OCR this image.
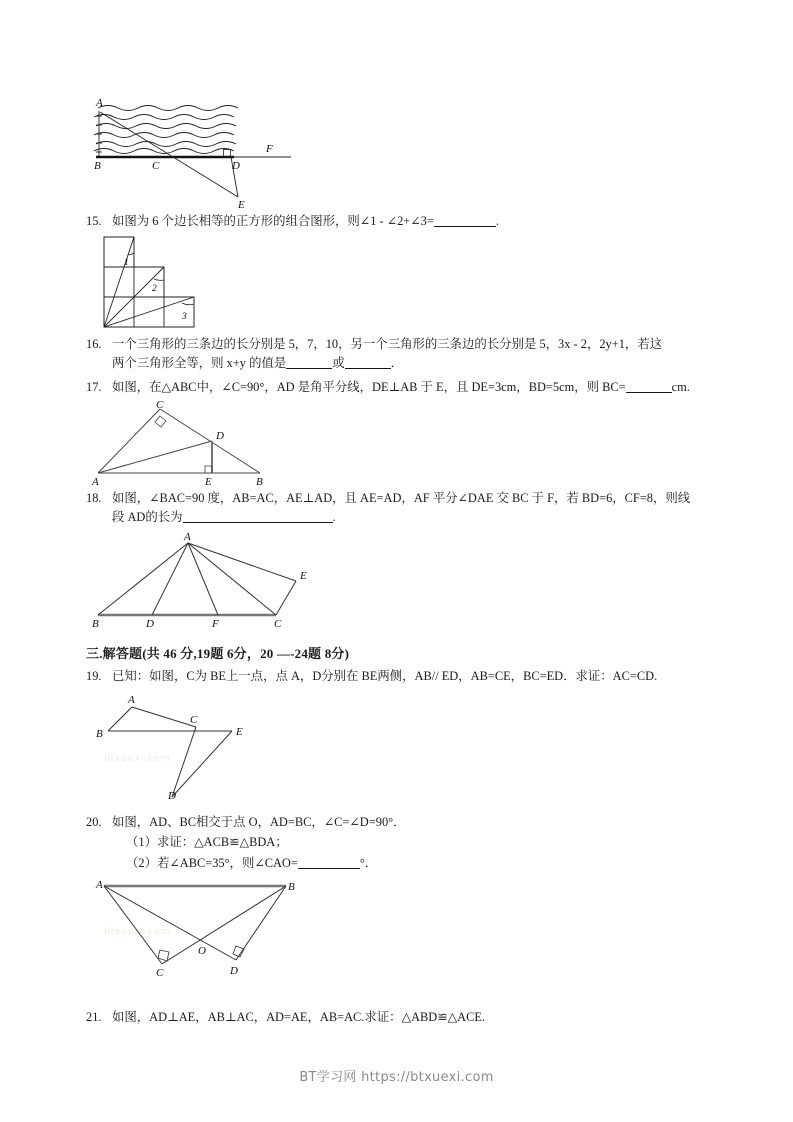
A
B	C	D
F
E
15. 如图为 6 个边长相等的正方形的组合图形，则∠1 - ∠2+∠3=	.
1
2
3
16. 一个三角形的三条边的长分别是 5，7，10，另一个三角形的三条边的长分别是 5，3x - 2，2y+1，若这
两个三角形全等，则 x+y 的值是	或	．
17. 如图，在△ABC中，∠C=90°，AD 是角平分线，DE⊥AB 于 E，且 DE=3cm，BD=5cm，则 BC=	cm.
C
D
A	E	B
18. 如图，∠BAC=90 度，AB=AC，AE⊥AD，且 AE=AD，AF 平分∠DAE 交 BC 于 F，若 BD=6，CF=8，则线
段 AD的长为	.
A
B	D	F	C
E
三.解答题(共 46 分,19题 6分，20 —-24题 8分)
19. 已知：如图，C为 BE上一点，点 A，D分别在 BE两侧，AB// ED，AB=CE，BC=ED．求证：AC=CD.
btxuexi.com
A
B
C
E
D
20. 如图，AD、BC相交于点 O，AD=BC，∠C=∠D=90°．
（1）求证：△ACB≌△BDA；
（2）若∠ABC=35°，则∠CAO=	°．
btxuexi.com
A	B
C	D
O
21. 如图，AD⊥AE，AB⊥AC，AD=AE，AB=AC.求证：△ABD≌△ACE.
BT学习网 https://btxuexi.com
